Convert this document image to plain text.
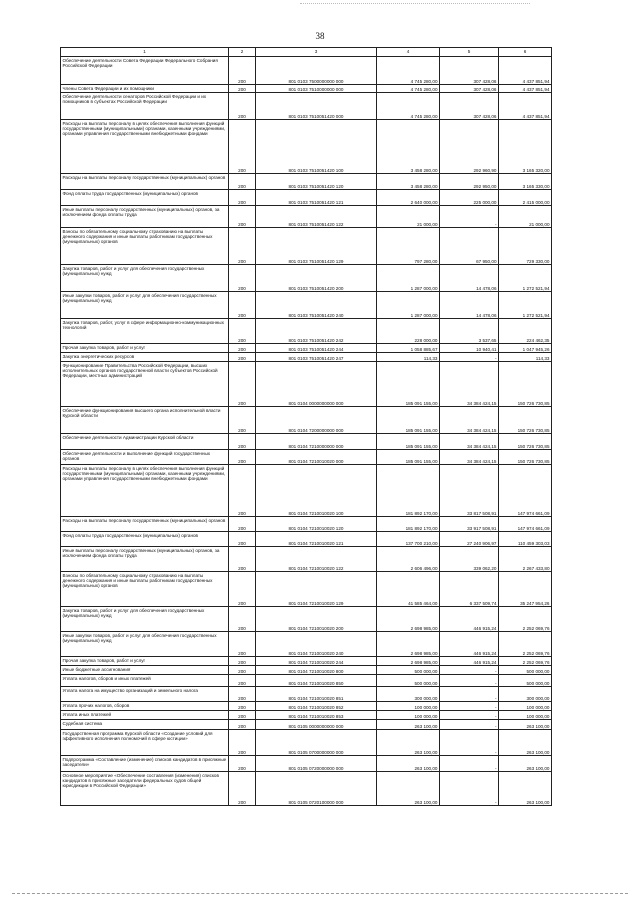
38
1	2	3	4	5	6
Обеспечение деятельности Совета Федерации Федерального Собрания Российской Федерации	200	801 0103 7500000000 000	4 745 280,00	307 428,06	4 437 851,94
Члены Совета Федерации и их помощники	200	801 0103 7510000000 000	4 745 280,00	307 428,06	4 437 851,94
Обеспечение деятельности сенаторов Российской Федерации и их помощников в субъектах Российской Федерации	200	801 0103 7510051420 000	4 745 280,00	307 428,06	4 437 851,94
Расходы на выплаты персоналу в целях обеспечения выполнения функций государственными (муниципальными) органами, казенными учреждениями, органами управления государственными внебюджетными фондами	200	801 0103 7510051420 100	3 458 280,00	292 960,90	3 165 320,00
Расходы на выплаты персоналу государственных (муниципальных) органов	200	801 0103 7510051420 120	3 458 280,00	292 950,00	3 165 330,00
Фонд оплаты труда государственных (муниципальных) органов	200	801 0103 7510051420 121	2 640 000,00	225 000,00	2 415 000,00
Иные выплаты персоналу государственных (муниципальных) органов, за исключением фонда оплаты труда	200	801 0103 7510051420 122	21 000,00	-	21 000,00
Взносы по обязательному социальному страхованию на выплаты денежного содержания и иные выплаты работникам государственных (муниципальных) органов	200	801 0103 7510051420 129	797 280,00	67 950,00	729 330,00
Закупка товаров, работ и услуг для обеспечения государственных (муниципальных) нужд	200	801 0103 7510051420 200	1 287 000,00	14 478,06	1 272 521,94
Иные закупки товаров, работ и услуг для обеспечения государственных (муниципальных) нужд	200	801 0103 7510051420 240	1 287 000,00	14 478,06	1 272 521,94
Закупка товаров, работ, услуг в сфере информационно-коммуникационных технологий	200	801 0103 7510051420 242	228 000,00	3 537,65	224 462,35
Прочая закупка товаров, работ и услуг	200	801 0103 7510051420 244	1 058 885,67	10 940,41	1 047 945,26
Закупка энергетических ресурсов	200	801 0103 7510051420 247	114,33	-	114,33
Функционирование Правительства Российской Федерации, высших исполнительных органов государственной власти субъектов Российской Федерации, местных администраций	200	801 0104 0000000000 000	185 091 155,00	34 384 424,15	150 726 730,85
Обеспечение функционирования высшего органа исполнительной власти Курской области	200	801 0104 7200000000 000	185 091 155,00	34 384 424,15	150 726 730,85
Обеспечение деятельности Администрации Курской области	200	801 0104 7210000000 000	185 091 155,00	34 384 424,15	150 726 730,85
Обеспечение деятельности и выполнение функций государственных органов	200	801 0104 7210010020 000	185 091 155,00	34 384 424,15	150 726 730,85
Расходы на выплаты персоналу в целях обеспечения выполнения функций государственными (муниципальными) органами, казенными учреждениями, органами управления государственными внебюджетными фондами	200	801 0104 7210010020 100	181 892 170,00	33 817 508,91	147 974 661,09
Расходы на выплаты персоналу государственных (муниципальных) органов	200	801 0104 7210010020 120	181 892 170,00	33 917 508,91	147 974 661,09
Фонд оплаты труда государственных (муниципальных) органов	200	801 0104 7210010020 121	137 700 210,00	27 240 906,97	110 459 303,03
Иные выплаты персоналу государственных (муниципальных) органов, за исключением фонда оплаты труда	200	801 0104 7210010020 122	2 606 496,00	339 062,20	2 267 433,80
Взносы по обязательному социальному страхованию на выплаты денежного содержания и иные выплаты работникам государственных (муниципальных) органов	200	801 0104 7210010020 129	41 585 464,00	6 337 509,74	35 247 954,26
Закупка товаров, работ и услуг для обеспечения государственных (муниципальных) нужд	200	801 0104 7210010020 200	2 698 985,00	446 915,24	2 252 069,76
Иные закупки товаров, работ и услуг для обеспечения государственных (муниципальных) нужд	200	801 0104 7210010020 240	2 698 985,00	446 915,24	2 252 069,76
Прочая закупка товаров, работ и услуг	200	801 0104 7210010020 244	2 698 985,00	446 915,24	2 252 069,76
Иные бюджетные ассигнования	200	801 0104 7210010020 800	500 000,00	-	500 000,00
Уплата налогов, сборов и иных платежей	200	801 0104 7210010020 850	500 000,00	-	500 000,00
Уплата налога на имущество организаций и земельного налога	200	801 0104 7210010020 851	300 000,00	-	300 000,00
Уплата прочих налогов, сборов	200	801 0104 7210010020 852	100 000,00	-	100 000,00
Уплата иных платежей	200	801 0104 7210010020 853	100 000,00	-	100 000,00
Судебная система	200	801 0105 0000000000 000	263 100,00	-	263 100,00
Государственная программа Курской области «Создание условий для эффективного исполнения полномочий в сфере юстиции»	200	801 0105 0700000000 000	263 100,00	-	263 100,00
Подпрограмма «Составление (изменение) списков кандидатов в присяжные заседатели»	200	801 0105 0720000000 000	263 100,00	-	263 100,00
Основное мероприятие «Обеспечение составления (изменения) списков кандидатов в присяжные заседатели федеральных судов общей юрисдикции в Российской Федерации»	200	801 0105 0720100000 000	263 100,00	-	263 100,00
